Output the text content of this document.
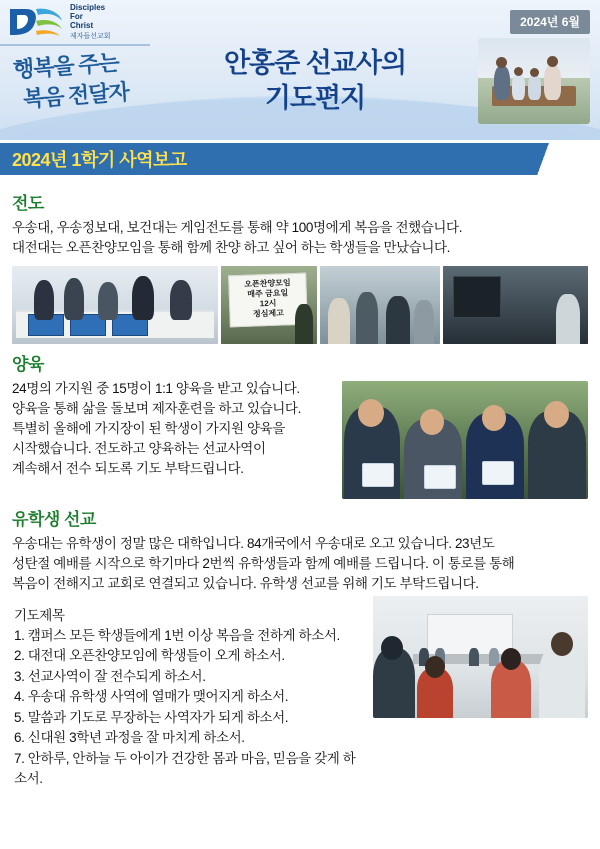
Disciples
For
Christ
제자들선교회
행복을 주는
복음 전달자
안홍준 선교사의
기도편지
2024년 6월
2024년 1학기 사역보고
전도
우송대, 우송정보대, 보건대는 게임전도를 통해 약 100명에게 복음을 전했습니다.
대전대는 오픈찬양모임을 통해 함께 찬양 하고 싶어 하는 학생들을 만났습니다.
오픈찬양모임
매주 금요일
12시
정심제고
양육
24명의 가지원 중 15명이 1:1 양육을 받고 있습니다.
양육을 통해 삶을 돌보며 제자훈련을 하고 있습니다.
특별히 올해에 가지장이 된 학생이 가지원 양육을
시작했습니다. 전도하고 양육하는 선교사역이
계속해서 전수 되도록 기도 부탁드립니다.
유학생 선교
우송대는 유학생이 정말 많은 대학입니다. 84개국에서 우송대로 오고 있습니다. 23년도
성탄절 예배를 시작으로 학기마다 2번씩 유학생들과 함께 예배를 드립니다. 이 통로를 통해
복음이 전해지고 교회로 연결되고 있습니다. 유학생 선교를 위해 기도 부탁드립니다.
기도제목
1. 캠퍼스 모든 학생들에게 1번 이상 복음을 전하게 하소서.
2. 대전대 오픈찬양모임에 학생들이 오게 하소서.
3. 선교사역이 잘 전수되게 하소서.
4. 우송대 유학생 사역에 열매가 맺어지게 하소서.
5. 말씀과 기도로 무장하는 사역자가 되게 하소서.
6. 신대원 3학년 과정을 잘 마치게 하소서.
7. 안하루, 안하늘 두 아이가 건강한 몸과 마음, 믿음을 갖게 하소서.
